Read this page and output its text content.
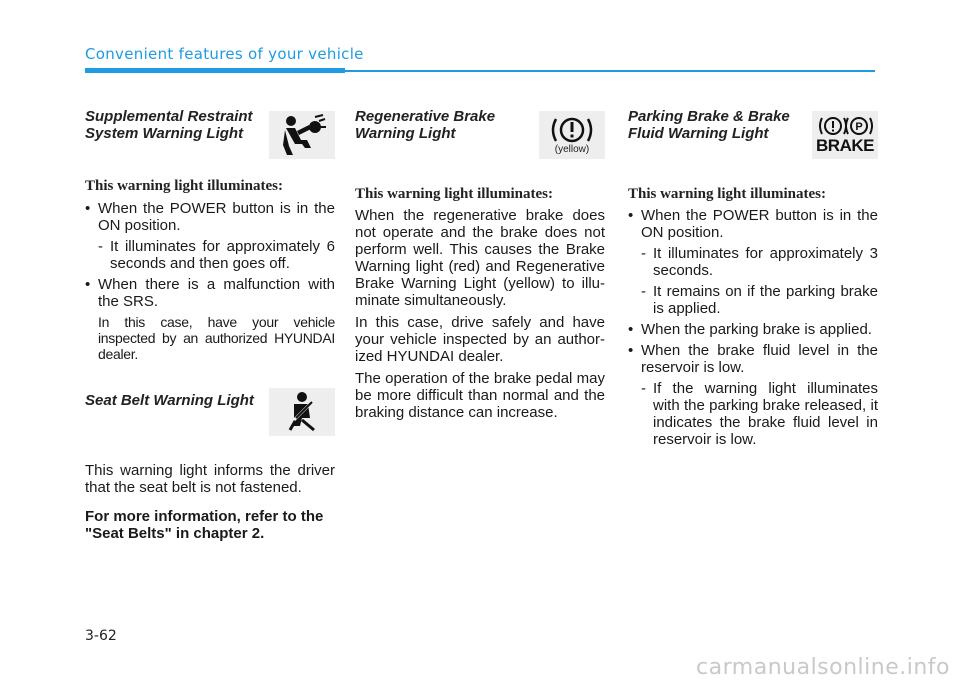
Convenient features of your vehicle

Supplemental Restraint System Warning Light

This warning light illuminates:

• When the POWER button is in the ON position.

- It illuminates for approximately 6 seconds and then goes off.

• When there is a malfunction with the SRS.

In this case, have your vehicle inspected by an authorized HYUNDAI dealer.

Seat Belt Warning Light

This warning light informs the driver that the seat belt is not fastened.

For more information, refer to the "Seat Belts" in chapter 2.

Regenerative Brake Warning Light

(yellow)

This warning light illuminates:

When the regenerative brake does not operate and the brake does not perform well. This causes the Brake Warning light (red) and Regenerative Brake Warning Light (yellow) to illu-minate simultaneously.

In this case, drive safely and have your vehicle inspected by an author-ized HYUNDAI dealer.

The operation of the brake pedal may be more difficult than normal and the braking distance can increase.

Parking Brake & Brake Fluid Warning Light	P
BRAKE

This warning light illuminates:

• When the POWER button is in the ON position.

- It illuminates for approximately 3 seconds.

- It remains on if the parking brake is applied.

• When the parking brake is applied.

• When the brake fluid level in the reservoir is low.

- If the warning light illuminates with the parking brake released, it indicates the brake fluid level in reservoir is low.

3-62
carmanualsonline.info
